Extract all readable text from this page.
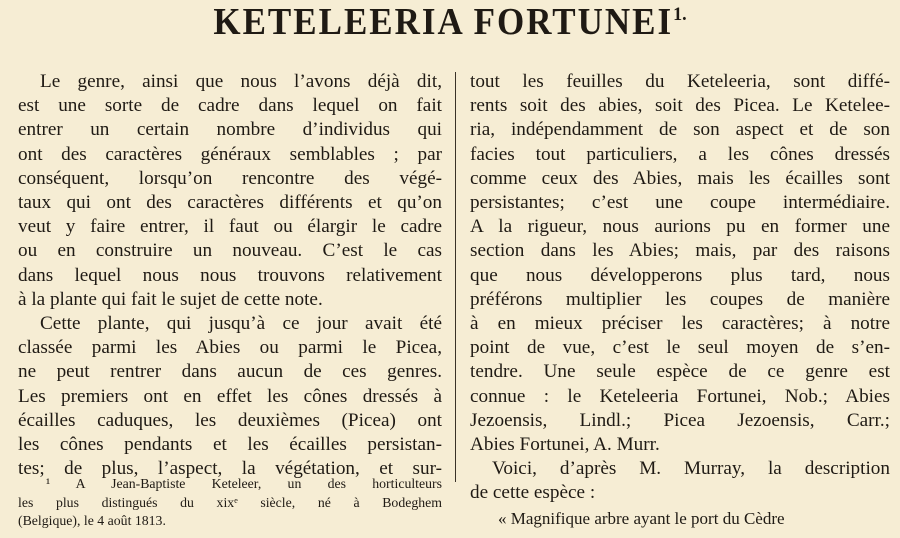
KETELEERIA $FORTUNEI^{1.}$
Le genre, ainsi que nous l’avons déjà dit,
est une sorte de cadre dans lequel on fait
entrer un certain nombre d’individus qui
ont des caractères généraux semblables ; par
conséquent, lorsqu’on rencontre des végé-
taux qui ont des caractères différents et qu’on
veut y faire entrer, il faut ou élargir le cadre
ou en construire un nouveau. C’est le cas
dans lequel nous nous trouvons relativement
à la plante qui fait le sujet de cette note.
Cette plante, qui jusqu’à ce jour avait été
classée parmi les Abies ou parmi le Picea,
ne peut rentrer dans aucun de ces genres.
Les premiers ont en effet les cônes dressés à
écailles caduques, les deuxièmes (Picea) ont
les cônes pendants et les écailles persistan-
tes; de plus, l’aspect, la végétation, et sur-
tout les feuilles du Keteleeria, sont diffé-
rents soit des abies, soit des Picea. Le Ketelee-
ria, indépendamment de son aspect et de son
facies tout particuliers, a les cônes dressés
comme ceux des Abies, mais les écailles sont
persistantes; c’est une coupe intermédiaire.
A la rigueur, nous aurions pu en former une
section dans les Abies; mais, par des raisons
que nous développerons plus tard, nous
préférons multiplier les coupes de manière
à en mieux préciser les caractères; à notre
point de vue, c’est le seul moyen de s’en-
tendre. Une seule espèce de ce genre est
connue : le Keteleeria Fortunei, Nob.; Abies
Jezoensis, Lindl.; Picea Jezoensis, Carr.;
Abies Fortunei, A. Murr.
Voici, d’après M. Murray, la description
de cette espèce :
¹ A Jean-Baptiste Keteleer, un des horticulteurs
les plus distingués du xixᵉ siècle, né à Bodeghem
(Belgique), le 4 août 1813.	« Magnifique arbre ayant le port du Cèdre
